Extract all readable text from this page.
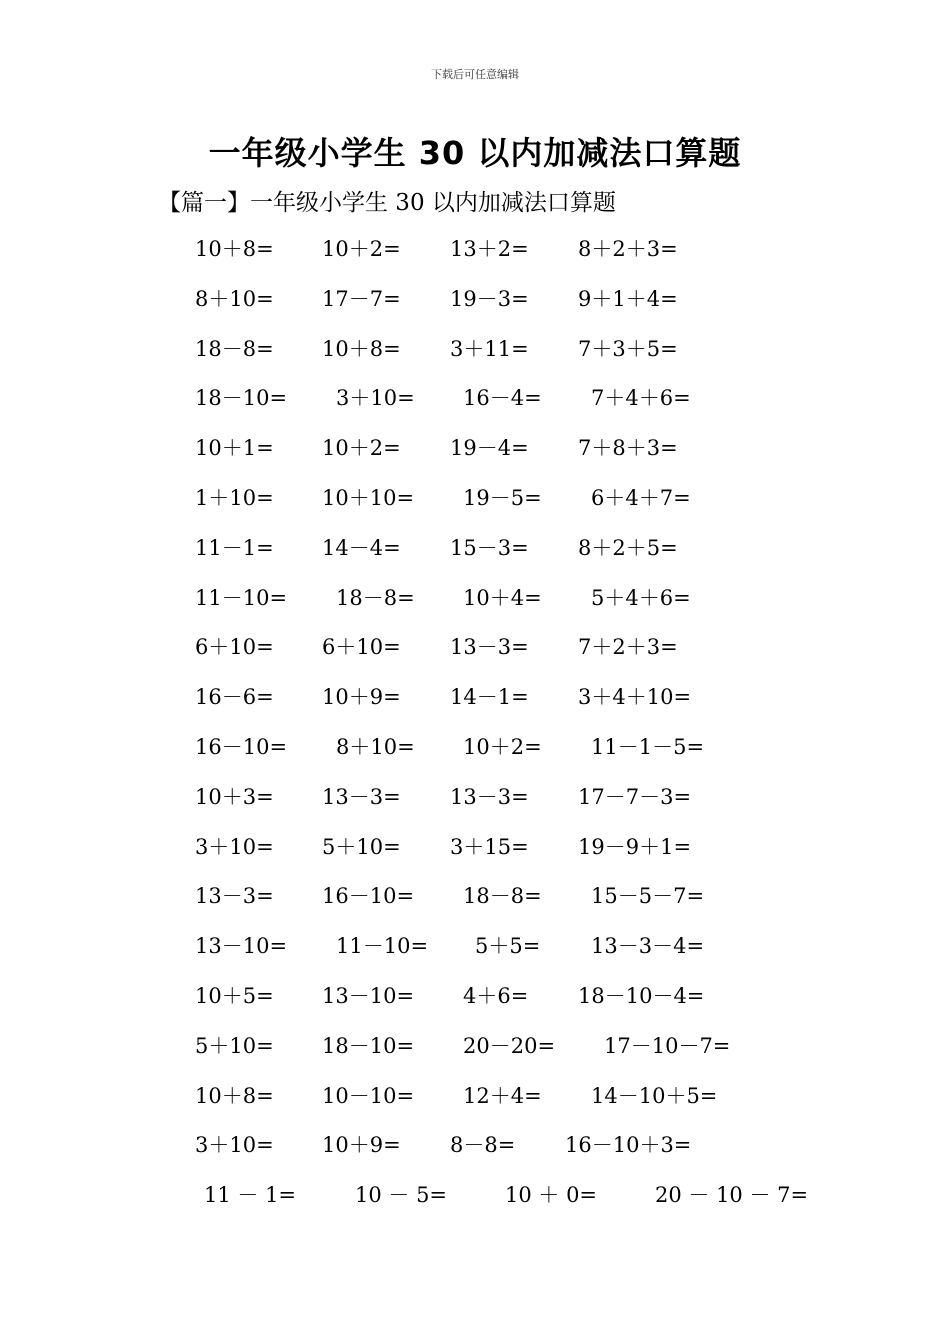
下载后可任意编辑
一年级小学生 30 以内加减法口算题
【篇一】一年级小学生 30 以内加减法口算题
10＋8= 10＋2= 13＋2= 8＋2＋3=
8＋10= 17－7= 19－3= 9＋1＋4=
18－8= 10＋8= 3＋11= 7＋3＋5=
18－10= 3＋10= 16－4= 7＋4＋6=
10＋1= 10＋2= 19－4= 7＋8＋3=
1＋10= 10＋10= 19－5= 6＋4＋7=
11－1= 14－4= 15－3= 8＋2＋5=
11－10= 18－8= 10＋4= 5＋4＋6=
6＋10= 6＋10= 13－3= 7＋2＋3=
16－6= 10＋9= 14－1= 3＋4＋10=
16－10= 8＋10= 10＋2= 11－1－5=
10＋3= 13－3= 13－3= 17－7－3=
3＋10= 5＋10= 3＋15= 19－9＋1=
13－3= 16－10= 18－8= 15－5－7=
13－10= 11－10= 5＋5= 13－3－4=
10＋5= 13－10= 4＋6= 18－10－4=
5＋10= 18－10= 20－20= 17－10－7=
10＋8= 10－10= 12＋4= 14－10＋5=
3＋10= 10＋9= 8－8= 16－10＋3=
11 － 1=	10 － 5=	10 ＋ 0=	20 － 10 － 7=
